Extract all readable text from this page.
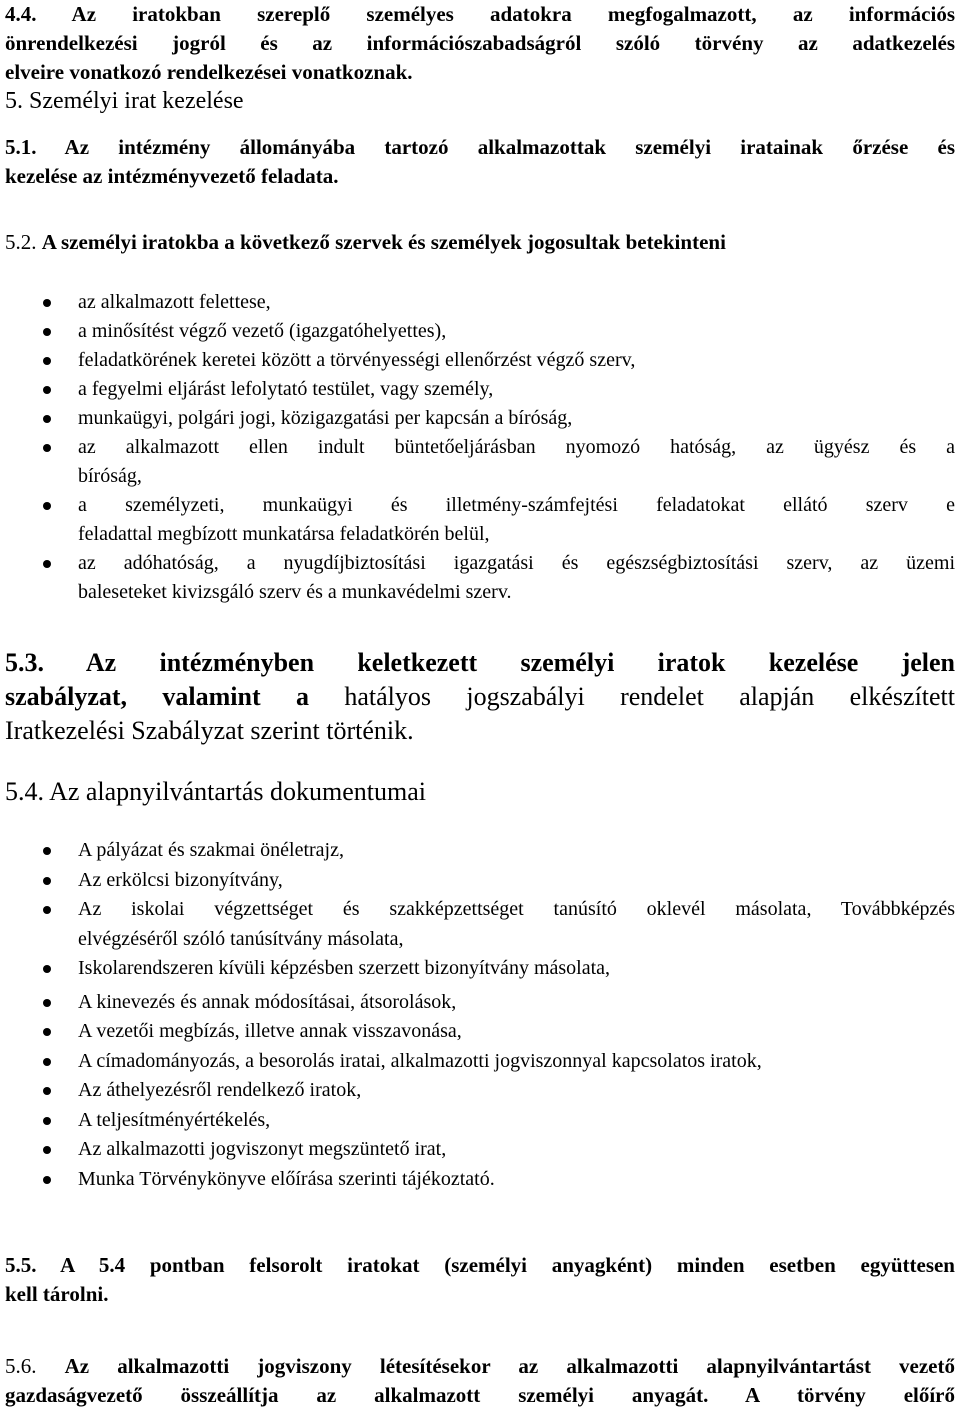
4.4. Az iratokban szereplő személyes adatokra megfogalmazott, az információs
önrendelkezési jogról és az információszabadságról szóló törvény az adatkezelés
elveire vonatkozó rendelkezései vonatkoznak.
5. Személyi irat kezelése
5.1. Az intézmény állományába tartozó alkalmazottak személyi iratainak őrzése és
kezelése az intézményvezető feladata.
5.2. A személyi iratokba a következő szervek és személyek jogosultak betekinteni
az alkalmazott felettese,
a minősítést végző vezető (igazgatóhelyettes),
feladatkörének keretei között a törvényességi ellenőrzést végző szerv,
a fegyelmi eljárást lefolytató testület, vagy személy,
munkaügyi, polgári jogi, közigazgatási per kapcsán a bíróság,
az alkalmazott ellen indult büntetőeljárásban nyomozó hatóság, az ügyész és a
bíróság,
a személyzeti, munkaügyi és illetmény-számfejtési feladatokat ellátó szerv e
feladattal megbízott munkatársa feladatkörén belül,
az adóhatóság, a nyugdíjbiztosítási igazgatási és egészségbiztosítási szerv, az üzemi
baleseteket kivizsgáló szerv és a munkavédelmi szerv.
5.3. Az intézményben keletkezett személyi iratok kezelése jelen
szabályzat, valamint a hatályos jogszabályi rendelet alapján elkészített
Iratkezelési Szabályzat szerint történik.
5.4. Az alapnyilvántartás dokumentumai
A pályázat és szakmai önéletrajz,
Az erkölcsi bizonyítvány,
Az iskolai végzettséget és szakképzettséget tanúsító oklevél másolata, Továbbképzés
elvégzéséről szóló tanúsítvány másolata,
Iskolarendszeren kívüli képzésben szerzett bizonyítvány másolata,
A kinevezés és annak módosításai, átsorolások,
A vezetői megbízás, illetve annak visszavonása,
A címadományozás, a besorolás iratai, alkalmazotti jogviszonnyal kapcsolatos iratok,
Az áthelyezésről rendelkező iratok,
A teljesítményértékelés,
Az alkalmazotti jogviszonyt megszüntető irat,
Munka Törvénykönyve előírása szerinti tájékoztató.
5.5. A 5.4 pontban felsorolt iratokat (személyi anyagként) minden esetben együttesen
kell tárolni.
5.6. Az alkalmazotti jogviszony létesítésekor az alkalmazotti alapnyilvántartást vezető
gazdaságvezető összeállítja az alkalmazott személyi anyagát. A törvény előírő
